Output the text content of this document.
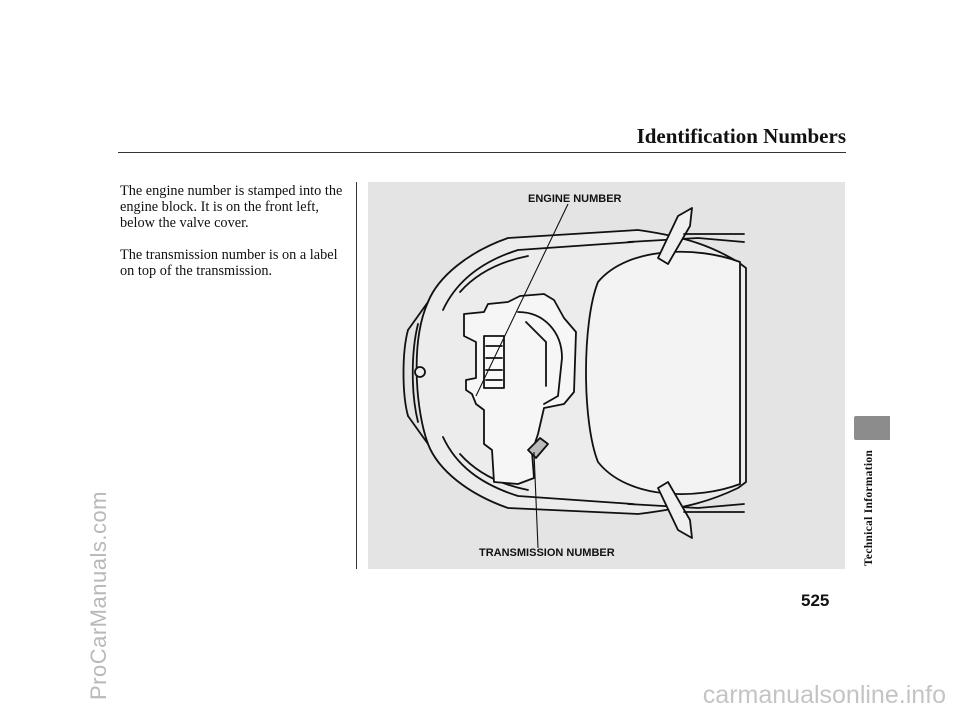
ProCarManuals.com
Identification Numbers

The engine number is stamped into the engine block. It is on the front left, below the valve cover.

The transmission number is on a label on top of the transmission.

ENGINE NUMBER
TRANSMISSION NUMBER	Technical Information
525
carmanualsonline.info
